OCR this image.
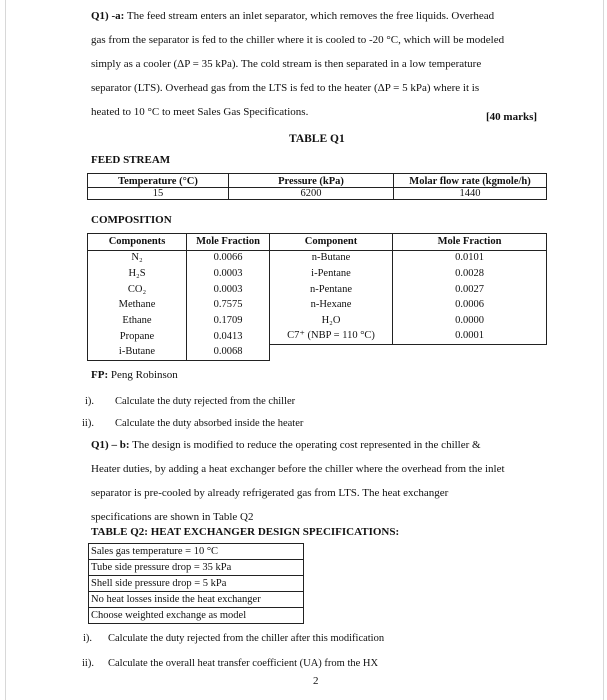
Q1) -a: The feed stream enters an inlet separator, which removes the free liquids. Overhead
gas from the separator is fed to the chiller where it is cooled to -20 °C, which will be modeled
simply as a cooler (ΔP = 35 kPa). The cold stream is then separated in a low temperature
separator (LTS). Overhead gas from the LTS is fed to the heater (ΔP = 5 kPa) where it is
heated to 10 °C to meet Sales Gas Specifications.	[40 marks]
TABLE Q1
FEED STREAM
Temperature (°C)	Pressure (kPa)	Molar flow rate (kgmole/h)
15	6200	1440
COMPOSITION
Components	Mole Fraction	Component	Mole Fraction
N₂	0.0066	n-Butane	0.0101
H₂S	0.0003	i-Pentane	0.0028
CO₂	0.0003	n-Pentane	0.0027
Methane	0.7575	n-Hexane	0.0006
Ethane	0.1709	H₂O	0.0000
Propane	0.0413	C7⁺ (NBP = 110 °C)	0.0001
i-Butane	0.0068		
FP: Peng Robinson
i). Calculate the duty rejected from the chiller
ii). Calculate the duty absorbed inside the heater
Q1) – b: The design is modified to reduce the operating cost represented in the chiller &
Heater duties, by adding a heat exchanger before the chiller where the overhead from the inlet
separator is pre-cooled by already refrigerated gas from LTS. The heat exchanger
specifications are shown in Table Q2
TABLE Q2: HEAT EXCHANGER DESIGN SPECIFICATIONS:
Sales gas temperature = 10 °C
Tube side pressure drop = 35 kPa
Shell side pressure drop = 5 kPa
No heat losses inside the heat exchanger
Choose weighted exchange as model
i). Calculate the duty rejected from the chiller after this modification
ii). Calculate the overall heat transfer coefficient (UA) from the HX
2
